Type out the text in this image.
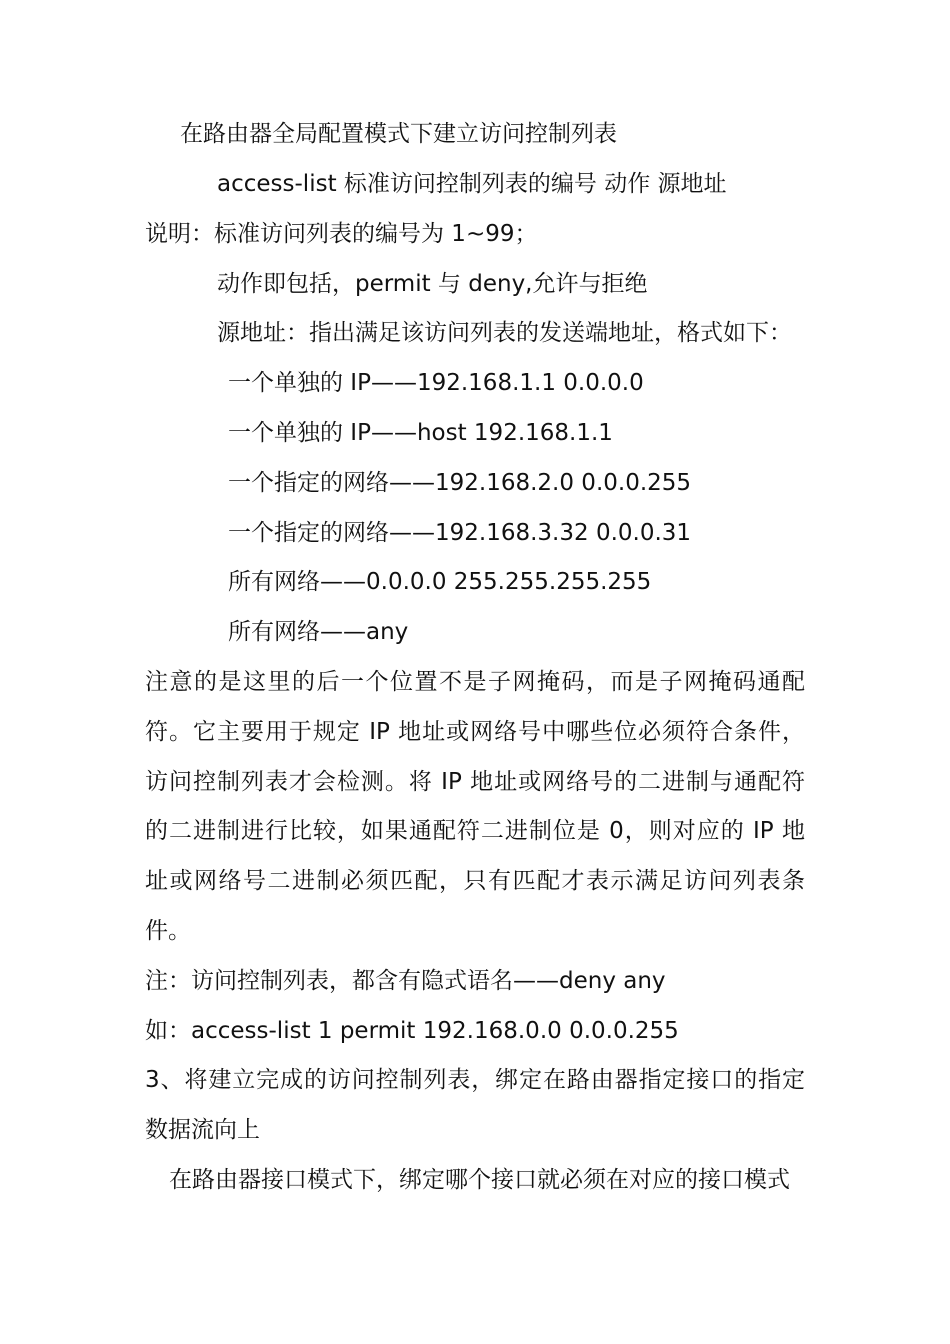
在路由器全局配置模式下建立访问控制列表

access-list 标准访问控制列表的编号 动作 源地址

说明：标准访问列表的编号为 1~99；

动作即包括，permit 与 deny,允许与拒绝

源地址：指出满足该访问列表的发送端地址，格式如下：

一个单独的 IP——192.168.1.1 0.0.0.0

一个单独的 IP——host 192.168.1.1

一个指定的网络——192.168.2.0 0.0.0.255

一个指定的网络——192.168.3.32 0.0.0.31

所有网络——0.0.0.0 255.255.255.255

所有网络——any

注意的是这里的后一个位置不是子网掩码，而是子网掩码通配

符。它主要用于规定 IP 地址或网络号中哪些位必须符合条件，

访问控制列表才会检测。将 IP 地址或网络号的二进制与通配符

的二进制进行比较，如果通配符二进制位是 0，则对应的 IP 地

址或网络号二进制必须匹配，只有匹配才表示满足访问列表条

件。

注：访问控制列表，都含有隐式语名——deny any

如：access-list 1 permit 192.168.0.0 0.0.0.255

3、将建立完成的访问控制列表，绑定在路由器指定接口的指定

数据流向上

在路由器接口模式下，绑定哪个接口就必须在对应的接口模式
